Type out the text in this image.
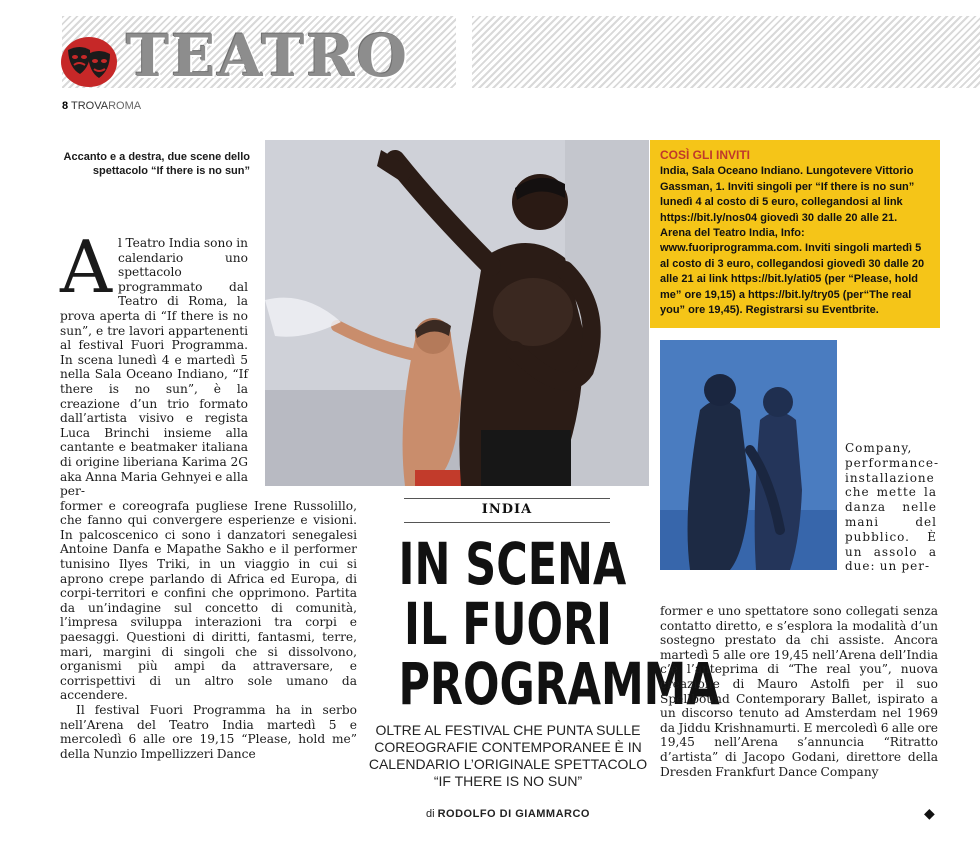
TEATRO
8 TROVAROMA
Accanto e a destra, due scene dello spettacolo “If there is no sun”
COSÌ GLI INVITI
India, Sala Oceano Indiano. Lungotevere Vittorio Gassman, 1. Inviti singoli per “If there is no sun” lunedì 4 al costo di 5 euro, collegandosi al link https://bit.ly/nos04 giovedì 30 dalle 20 alle 21. Arena del Teatro India, Info: www.fuoriprogramma.com. Inviti singoli martedì 5 al costo di 3 euro, collegandosi giovedì 30 dalle 20 alle 21 ai link https://bit.ly/ati05 (per “Please, hold me” ore 19,15) a https://bit.ly/try05 (per“The real you” ore 19,45). Registrarsi su Eventbrite.
A l Teatro India sono in calendario uno spettacolo programmato dal Teatro di Roma, la prova aperta di “If there is no sun”, e tre lavori appartenenti al festival Fuori Programma. In scena lunedì 4 e martedì 5 nella Sala Oceano Indiano, “If there is no sun”, è la creazione d’un trio formato dall’artista visivo e regista Luca Brinchi insieme alla cantante e beatmaker italiana di origine liberiana Karima 2G aka Anna Maria Gehnyei e alla per-
former e coreografa pugliese Irene Russolillo, che fanno qui convergere esperienze e visioni. In palcoscenico ci sono i danzatori senegalesi Antoine Danfa e Mapathe Sakho e il performer tunisino Ilyes Triki, in un viaggio in cui si aprono crepe parlando di Africa ed Europa, di corpi-territori e confini che opprimono. Partita da un’indagine sul concetto di comunità, l’impresa sviluppa interazioni tra corpi e paesaggi. Questioni di diritti, fantasmi, terre, mari, margini di singoli che si dissolvono, organismi più ampi da attraversare, e corrispettivi di un altro sole umano da accendere.
Il festival Fuori Programma ha in serbo nell’Arena del Teatro India martedì 5 e mercoledì 6 alle ore 19,15 “Please, hold me” della Nunzio Impellizzeri Dance
INDIA
IN SCENA
IL FUORI
PROGRAMMA
OLTRE AL FESTIVAL CHE PUNTA SULLE COREOGRAFIE CONTEMPORANEE È IN CALENDARIO L’ORIGINALE SPETTACOLO “IF THERE IS NO SUN”
di RODOLFO DI GIAMMARCO
Company, performance-installazione che mette la danza nelle mani del pubblico. È un assolo a due: un per-
former e uno spettatore sono collegati senza contatto diretto, e s’esplora la modalità d’un sostegno prestato da chi assiste. Ancora martedì 5 alle ore 19,45 nell’Arena dell’India c’è l’anteprima di “The real you”, nuova creazione di Mauro Astolfi per il suo Spellbound Contemporary Ballet, ispirato a un discorso tenuto ad Amsterdam nel 1969 da Jiddu Krishnamurti. E mercoledì 6 alle ore 19,45 nell’Arena s’annuncia “Ritratto d’artista” di Jacopo Godani, direttore della Dresden Frankfurt Dance Company
◆
